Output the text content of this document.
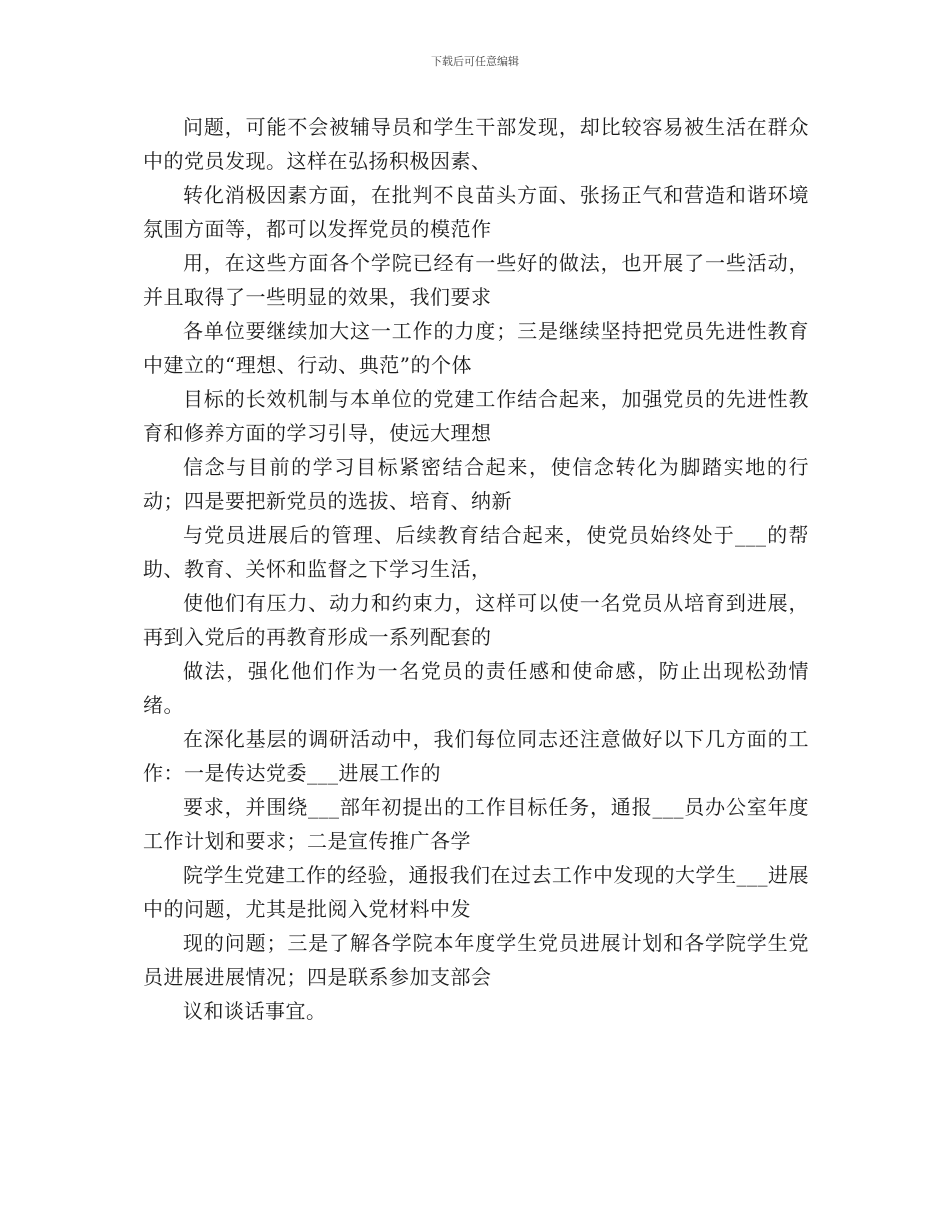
下载后可任意编辑

问题，可能不会被辅导员和学生干部发现，却比较容易被生活在群众中的党员发现。这样在弘扬积极因素、

转化消极因素方面，在批判不良苗头方面、张扬正气和营造和谐环境氛围方面等，都可以发挥党员的模范作

用，在这些方面各个学院已经有一些好的做法，也开展了一些活动，并且取得了一些明显的效果，我们要求

各单位要继续加大这一工作的力度；三是继续坚持把党员先进性教育中建立的“理想、行动、典范”的个体

目标的长效机制与本单位的党建工作结合起来，加强党员的先进性教育和修养方面的学习引导，使远大理想

信念与目前的学习目标紧密结合起来，使信念转化为脚踏实地的行动；四是要把新党员的选拔、培育、纳新

与党员进展后的管理、后续教育结合起来，使党员始终处于___的帮助、教育、关怀和监督之下学习生活，

使他们有压力、动力和约束力，这样可以使一名党员从培育到进展，再到入党后的再教育形成一系列配套的

做法，强化他们作为一名党员的责任感和使命感，防止出现松劲情绪。

在深化基层的调研活动中，我们每位同志还注意做好以下几方面的工作：一是传达党委___进展工作的

要求，并围绕___部年初提出的工作目标任务，通报___员办公室年度工作计划和要求；二是宣传推广各学

院学生党建工作的经验，通报我们在过去工作中发现的大学生___进展中的问题，尤其是批阅入党材料中发

现的问题；三是了解各学院本年度学生党员进展计划和各学院学生党员进展进展情况；四是联系参加支部会

议和谈话事宜。
